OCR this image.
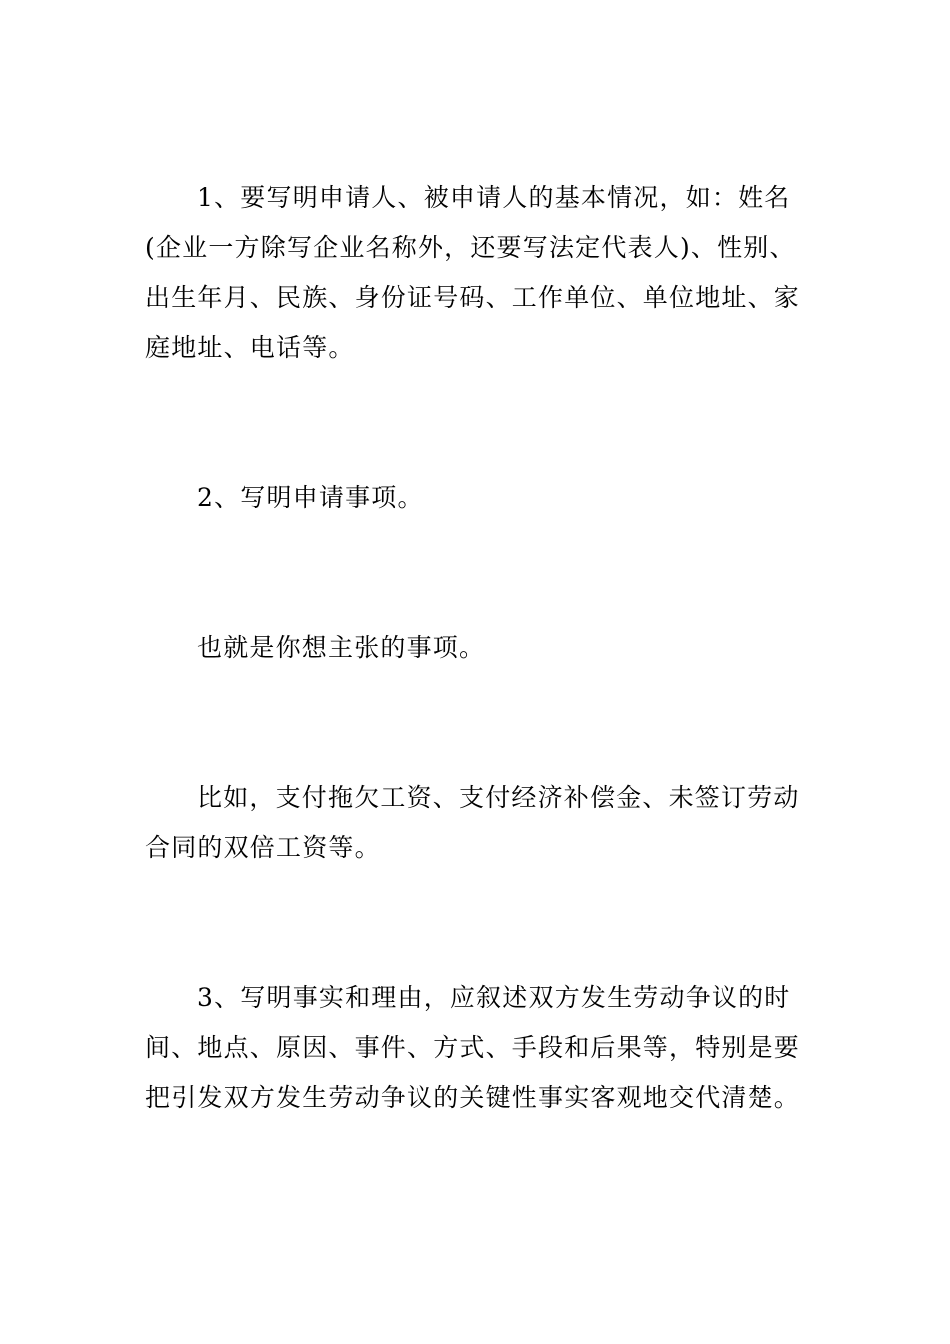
1、要写明申请人、被申请人的基本情况，如：姓名(企业一方除写企业名称外，还要写法定代表人)、性别、出生年月、民族、身份证号码、工作单位、单位地址、家庭地址、电话等。

2、写明申请事项。

也就是你想主张的事项。

比如，支付拖欠工资、支付经济补偿金、未签订劳动合同的双倍工资等。

3、写明事实和理由，应叙述双方发生劳动争议的时间、地点、原因、事件、方式、手段和后果等，特别是要把引发双方发生劳动争议的关键性事实客观地交代清楚。
